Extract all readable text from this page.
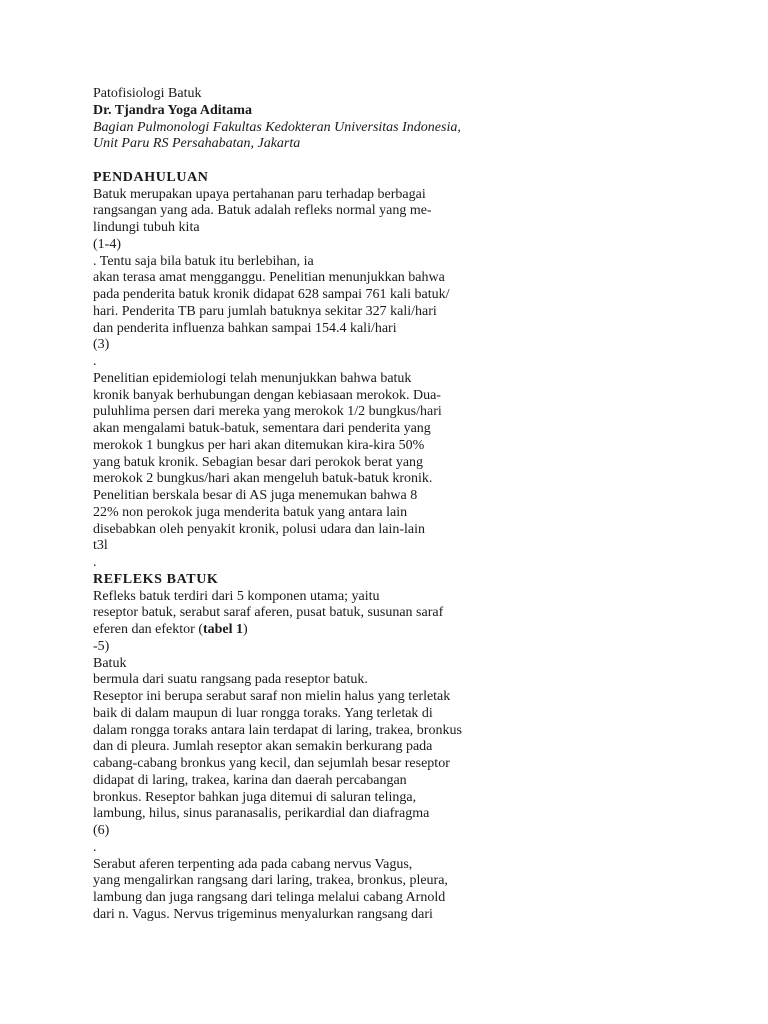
Patofisiologi Batuk
Dr. Tjandra Yoga Aditama
Bagian Pulmonologi Fakultas Kedokteran Universitas Indonesia,
Unit Paru RS Persahabatan, Jakarta
PENDAHULUAN
Batuk merupakan upaya pertahanan paru terhadap berbagai
rangsangan yang ada. Batuk adalah refleks normal yang me-
lindungi tubuh kita
(1-4)
. Tentu saja bila batuk itu berlebihan, ia
akan terasa amat mengganggu. Penelitian menunjukkan bahwa
pada penderita batuk kronik didapat 628 sampai 761 kali batuk/
hari. Penderita TB paru jumlah batuknya sekitar 327 kali/hari
dan penderita influenza bahkan sampai 154.4 kali/hari
(3)
.
Penelitian epidemiologi telah menunjukkan bahwa batuk
kronik banyak berhubungan dengan kebiasaan merokok. Dua-
puluhlima persen dari mereka yang merokok 1/2 bungkus/hari
akan mengalami batuk-batuk, sementara dari penderita yang
merokok 1 bungkus per hari akan ditemukan kira-kira 50%
yang batuk kronik. Sebagian besar dari perokok berat yang
merokok 2 bungkus/hari akan mengeluh batuk-batuk kronik.
Penelitian berskala besar di AS juga menemukan bahwa 8
22% non perokok juga menderita batuk yang antara lain
disebabkan oleh penyakit kronik, polusi udara dan lain-lain
t3l
.
REFLEKS BATUK
Refleks batuk terdiri dari 5 komponen utama; yaitu
reseptor batuk, serabut saraf aferen, pusat batuk, susunan saraf
eferen dan efektor (tabel 1)
-5)
Batuk
bermula dari suatu rangsang pada reseptor batuk.
Reseptor ini berupa serabut saraf non mielin halus yang terletak
baik di dalam maupun di luar rongga toraks. Yang terletak di
dalam rongga toraks antara lain terdapat di laring, trakea, bronkus
dan di pleura. Jumlah reseptor akan semakin berkurang pada
cabang-cabang bronkus yang kecil, dan sejumlah besar reseptor
didapat di laring, trakea, karina dan daerah percabangan
bronkus. Reseptor bahkan juga ditemui di saluran telinga,
lambung, hilus, sinus paranasalis, perikardial dan diafragma
(6)
.
Serabut aferen terpenting ada pada cabang nervus Vagus,
yang mengalirkan rangsang dari laring, trakea, bronkus, pleura,
lambung dan juga rangsang dari telinga melalui cabang Arnold
dari n. Vagus. Nervus trigeminus menyalurkan rangsang dari
